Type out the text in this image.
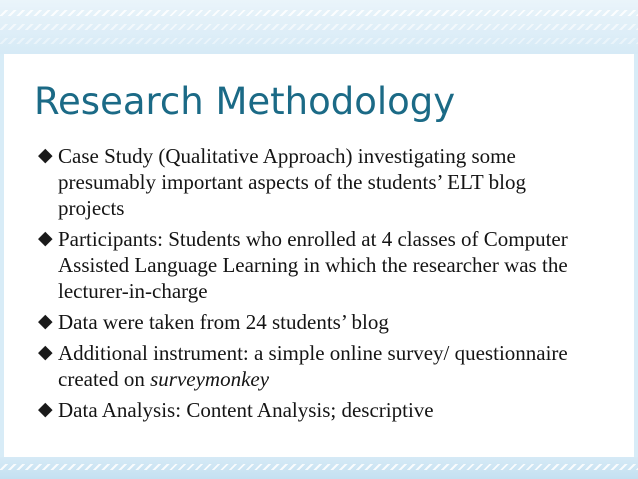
Research Methodology
◆ Case Study (Qualitative Approach) investigating some presumably important aspects of the students’ ELT blog projects
◆ Participants: Students who enrolled at 4 classes of Computer Assisted Language Learning in which the researcher was the lecturer-in-charge
◆ Data were taken from 24 students’ blog
◆ Additional instrument: a simple online survey/ questionnaire created on surveymonkey
◆ Data Analysis: Content Analysis; descriptive
